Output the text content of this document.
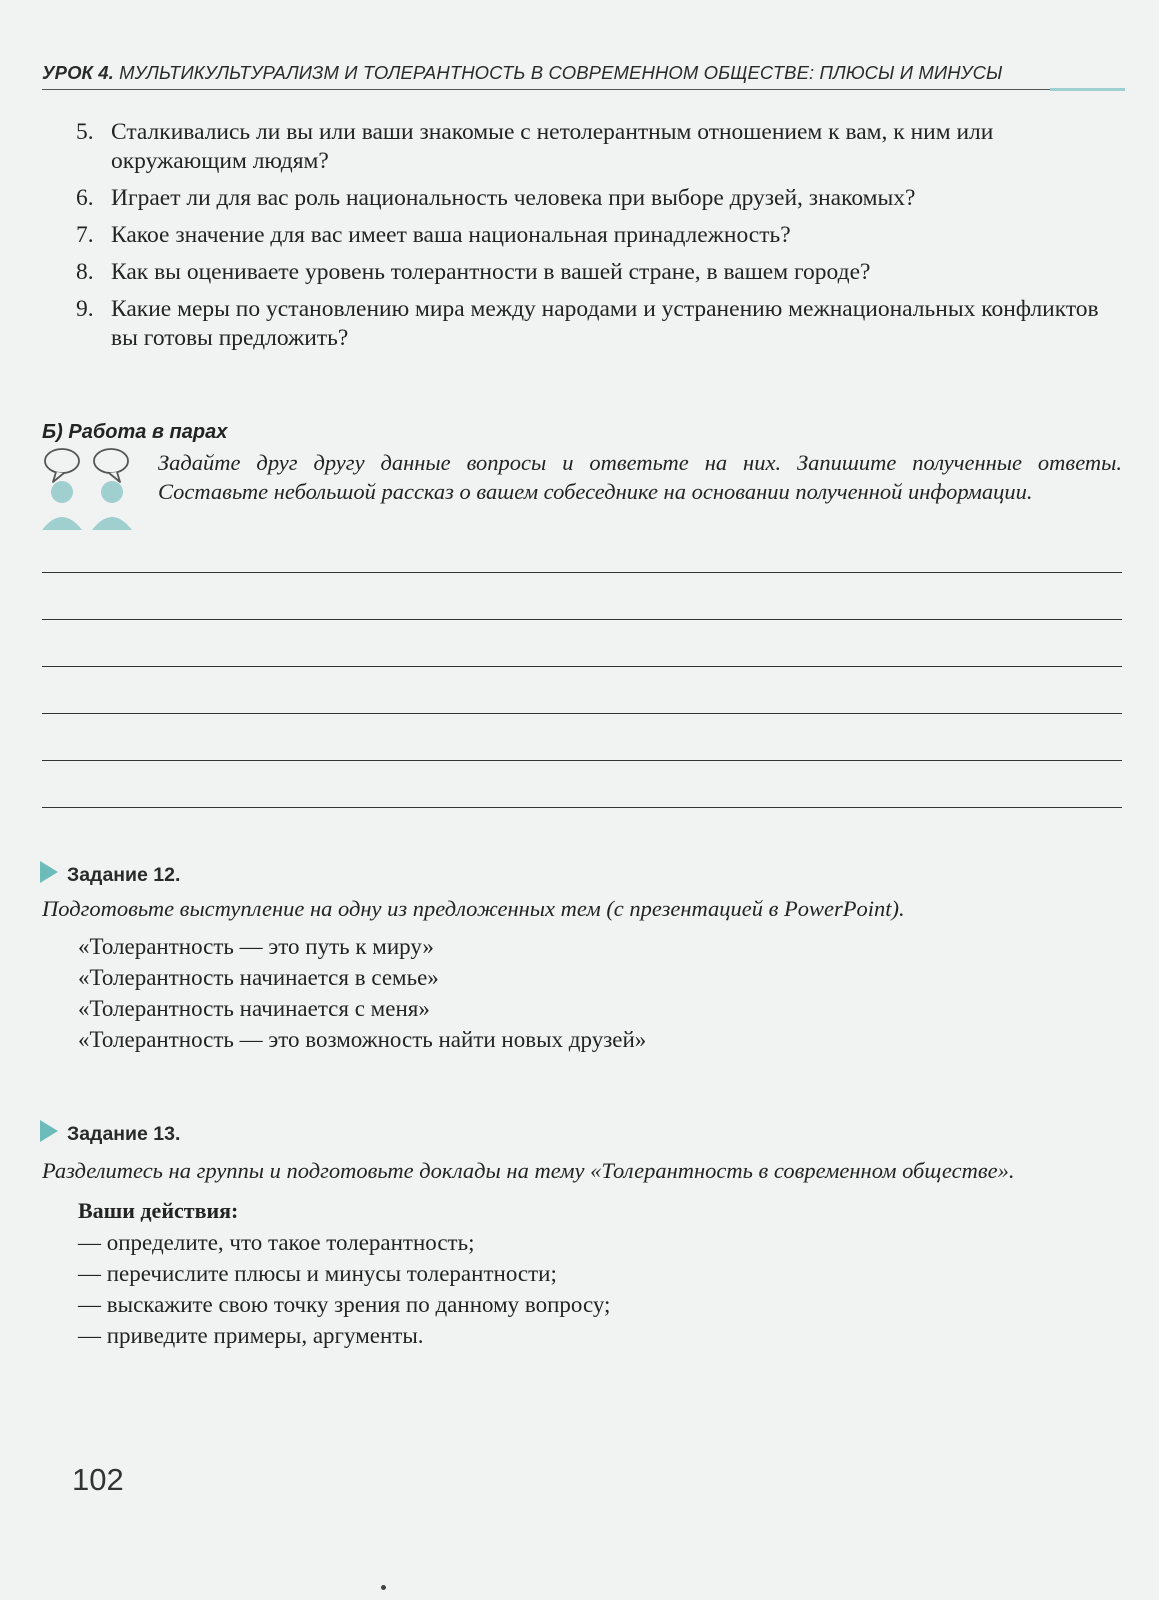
УРОК 4. МУЛЬТИКУЛЬТУРАЛИЗМ И ТОЛЕРАНТНОСТЬ В СОВРЕМЕННОМ ОБЩЕСТВЕ: ПЛЮСЫ И МИНУСЫ
5. Сталкивались ли вы или ваши знакомые с нетолерантным отношением к вам, к ним или окружающим людям?
6. Играет ли для вас роль национальность человека при выборе друзей, знакомых?
7. Какое значение для вас имеет ваша национальная принадлежность?
8. Как вы оцениваете уровень толерантности в вашей стране, в вашем городе?
9. Какие меры по установлению мира между народами и устранению межнациональных конфликтов вы готовы предложить?
Б) Работа в парах
Задайте друг другу данные вопросы и ответьте на них. Запишите полученные ответы. Составьте небольшой рассказ о вашем собеседнике на основании полученной информации.
Задание 12.
Подготовьте выступление на одну из предложенных тем (с презентацией в PowerPoint).
«Толерантность — это путь к миру»
«Толерантность начинается в семье»
«Толерантность начинается с меня»
«Толерантность — это возможность найти новых друзей»
Задание 13.
Разделитесь на группы и подготовьте доклады на тему «Толерантность в современном обществе».
Ваши действия:
— определите, что такое толерантность;
— перечислите плюсы и минусы толерантности;
— выскажите свою точку зрения по данному вопросу;
— приведите примеры, аргументы.
102
